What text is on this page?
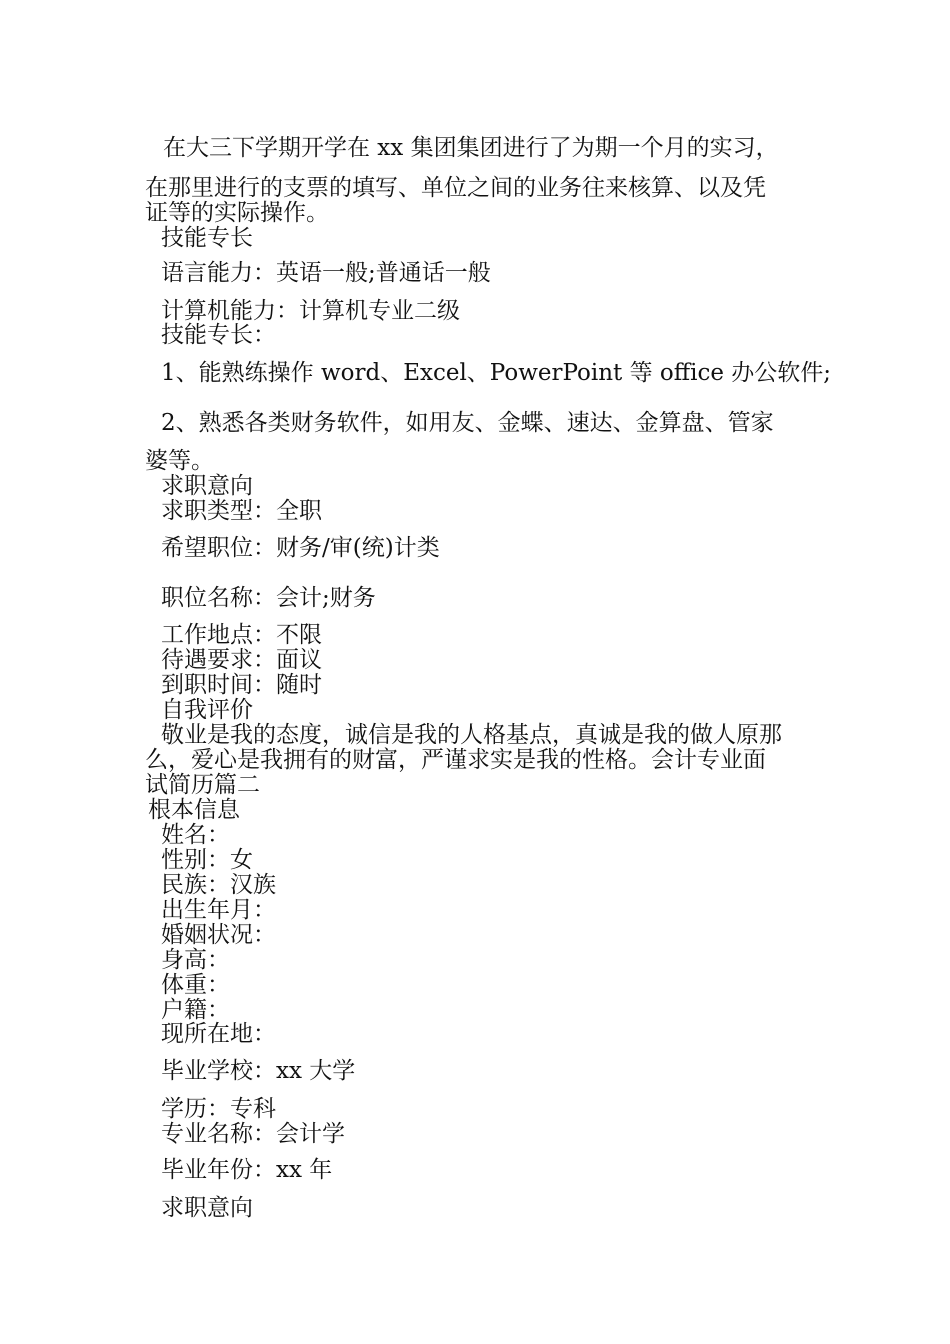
在大三下学期开学在 xx 集团集团进行了为期一个月的实习，
在那里进行的支票的填写、单位之间的业务往来核算、以及凭
证等的实际操作。
技能专长
语言能力：英语一般;普通话一般
计算机能力：计算机专业二级
技能专长：
1、能熟练操作 word、Excel、PowerPoint 等 office 办公软件;
2、熟悉各类财务软件，如用友、金蝶、速达、金算盘、管家
婆等。
求职意向
求职类型：全职
希望职位：财务/审(统)计类
职位名称：会计;财务
工作地点：不限
待遇要求：面议
到职时间：随时
自我评价
敬业是我的态度，诚信是我的人格基点，真诚是我的做人原那
么，爱心是我拥有的财富，严谨求实是我的性格。会计专业面
试简历篇二
根本信息
姓名：
性别：女
民族：汉族
出生年月：
婚姻状况：
身高：
体重：
户籍：
现所在地：
毕业学校：xx 大学
学历：专科
专业名称：会计学
毕业年份：xx 年
求职意向
